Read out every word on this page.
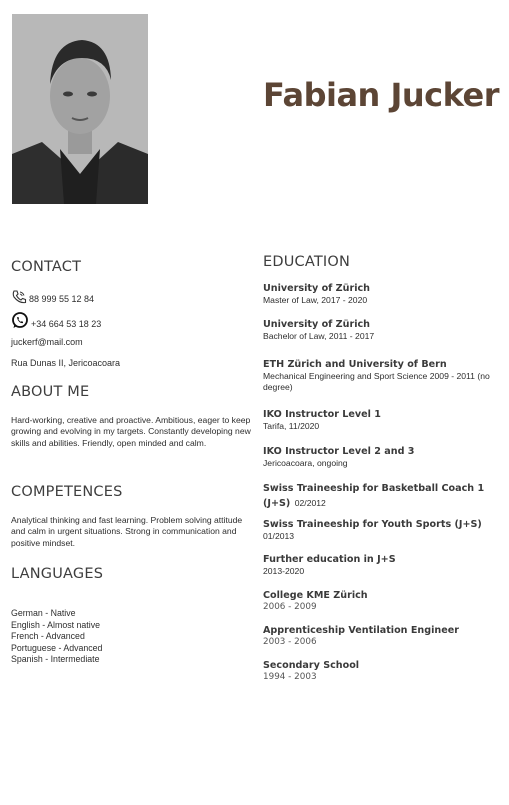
Fabian Jucker
CONTACT
88 999 55 12 84
+34 664 53 18 23
juckerf@mail.com
Rua Dunas II, Jericoacoara
ABOUT ME
Hard-working, creative and proactive. Ambitious, eager to keep growing and evolving in my targets. Constantly developing new skills and abilities. Friendly, open minded and calm.
COMPETENCES
Analytical thinking and fast learning. Problem solving attitude and calm in urgent situations. Strong in communication and positive mindset.
LANGUAGES
German - Native
English - Almost native
French - Advanced
Portuguese - Advanced
Spanish - Intermediate
EDUCATION
University of Zürich
Master of Law, 2017 - 2020
University of Zürich
Bachelor of Law, 2011 - 2017
ETH Zürich and University of Bern
Mechanical Engineering and Sport Science 2009 - 2011 (no degree)
IKO Instructor Level 1
Tarifa, 11/2020
IKO Instructor Level 2 and 3
Jericoacoara, ongoing
Swiss Traineeship for Basketball Coach 1 (J+S) 02/2012
Swiss Traineeship for Youth Sports (J+S)
01/2013
Further education in J+S
2013-2020
College KME Zürich
2006 - 2009
Apprenticeship Ventilation Engineer
2003 - 2006
Secondary School
1994 - 2003
